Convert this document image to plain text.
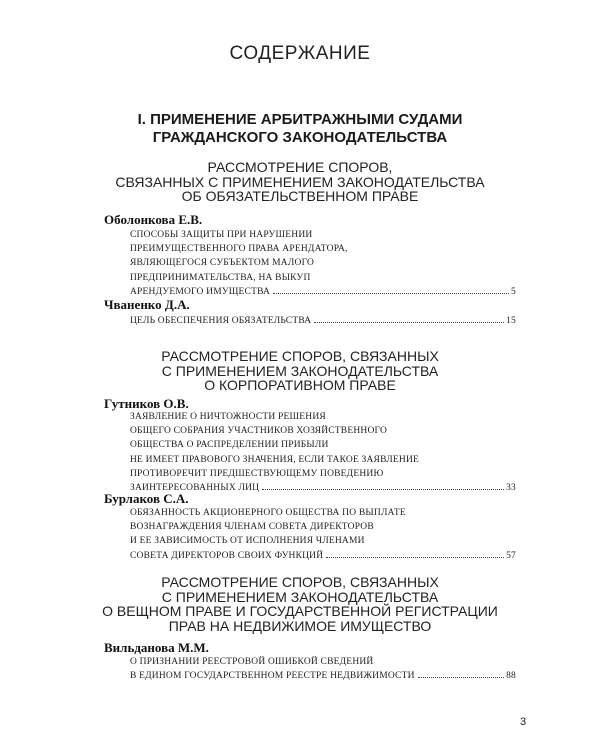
СОДЕРЖАНИЕ
I. ПРИМЕНЕНИЕ АРБИТРАЖНЫМИ СУДАМИ
ГРАЖДАНСКОГО ЗАКОНОДАТЕЛЬСТВА
РАССМОТРЕНИЕ СПОРОВ,
СВЯЗАННЫХ С ПРИМЕНЕНИЕМ ЗАКОНОДАТЕЛЬСТВА
ОБ ОБЯЗАТЕЛЬСТВЕННОМ ПРАВЕ
Оболонкова Е.В.
СПОСОБЫ ЗАЩИТЫ ПРИ НАРУШЕНИИ
ПРЕИМУЩЕСТВЕННОГО ПРАВА АРЕНДАТОРА,
ЯВЛЯЮЩЕГОСЯ СУБЪЕКТОМ МАЛОГО
ПРЕДПРИНИМАТЕЛЬСТВА, НА ВЫКУП
АРЕНДУЕМОГО ИМУЩЕСТВА	5
Чваненко Д.А.
ЦЕЛЬ ОБЕСПЕЧЕНИЯ ОБЯЗАТЕЛЬСТВА	15
РАССМОТРЕНИЕ СПОРОВ, СВЯЗАННЫХ
С ПРИМЕНЕНИЕМ ЗАКОНОДАТЕЛЬСТВА
О КОРПОРАТИВНОМ ПРАВЕ
Гутников О.В.
ЗАЯВЛЕНИЕ О НИЧТОЖНОСТИ РЕШЕНИЯ
ОБЩЕГО СОБРАНИЯ УЧАСТНИКОВ ХОЗЯЙСТВЕННОГО
ОБЩЕСТВА О РАСПРЕДЕЛЕНИИ ПРИБЫЛИ
НЕ ИМЕЕТ ПРАВОВОГО ЗНАЧЕНИЯ, ЕСЛИ ТАКОЕ ЗАЯВЛЕНИЕ
ПРОТИВОРЕЧИТ ПРЕДШЕСТВУЮЩЕМУ ПОВЕДЕНИЮ
ЗАИНТЕРЕСОВАННЫХ ЛИЦ	33
Бурлаков С.А.
ОБЯЗАННОСТЬ АКЦИОНЕРНОГО ОБЩЕСТВА ПО ВЫПЛАТЕ
ВОЗНАГРАЖДЕНИЯ ЧЛЕНАМ СОВЕТА ДИРЕКТОРОВ
И ЕЕ ЗАВИСИМОСТЬ ОТ ИСПОЛНЕНИЯ ЧЛЕНАМИ
СОВЕТА ДИРЕКТОРОВ СВОИХ ФУНКЦИЙ	57
РАССМОТРЕНИЕ СПОРОВ, СВЯЗАННЫХ
С ПРИМЕНЕНИЕМ ЗАКОНОДАТЕЛЬСТВА
О ВЕЩНОМ ПРАВЕ И ГОСУДАРСТВЕННОЙ РЕГИСТРАЦИИ
ПРАВ НА НЕДВИЖИМОЕ ИМУЩЕСТВО
Вильданова М.М.
О ПРИЗНАНИИ РЕЕСТРОВОЙ ОШИБКОЙ СВЕДЕНИЙ
В ЕДИНОМ ГОСУДАРСТВЕННОМ РЕЕСТРЕ НЕДВИЖИМОСТИ	88
3
